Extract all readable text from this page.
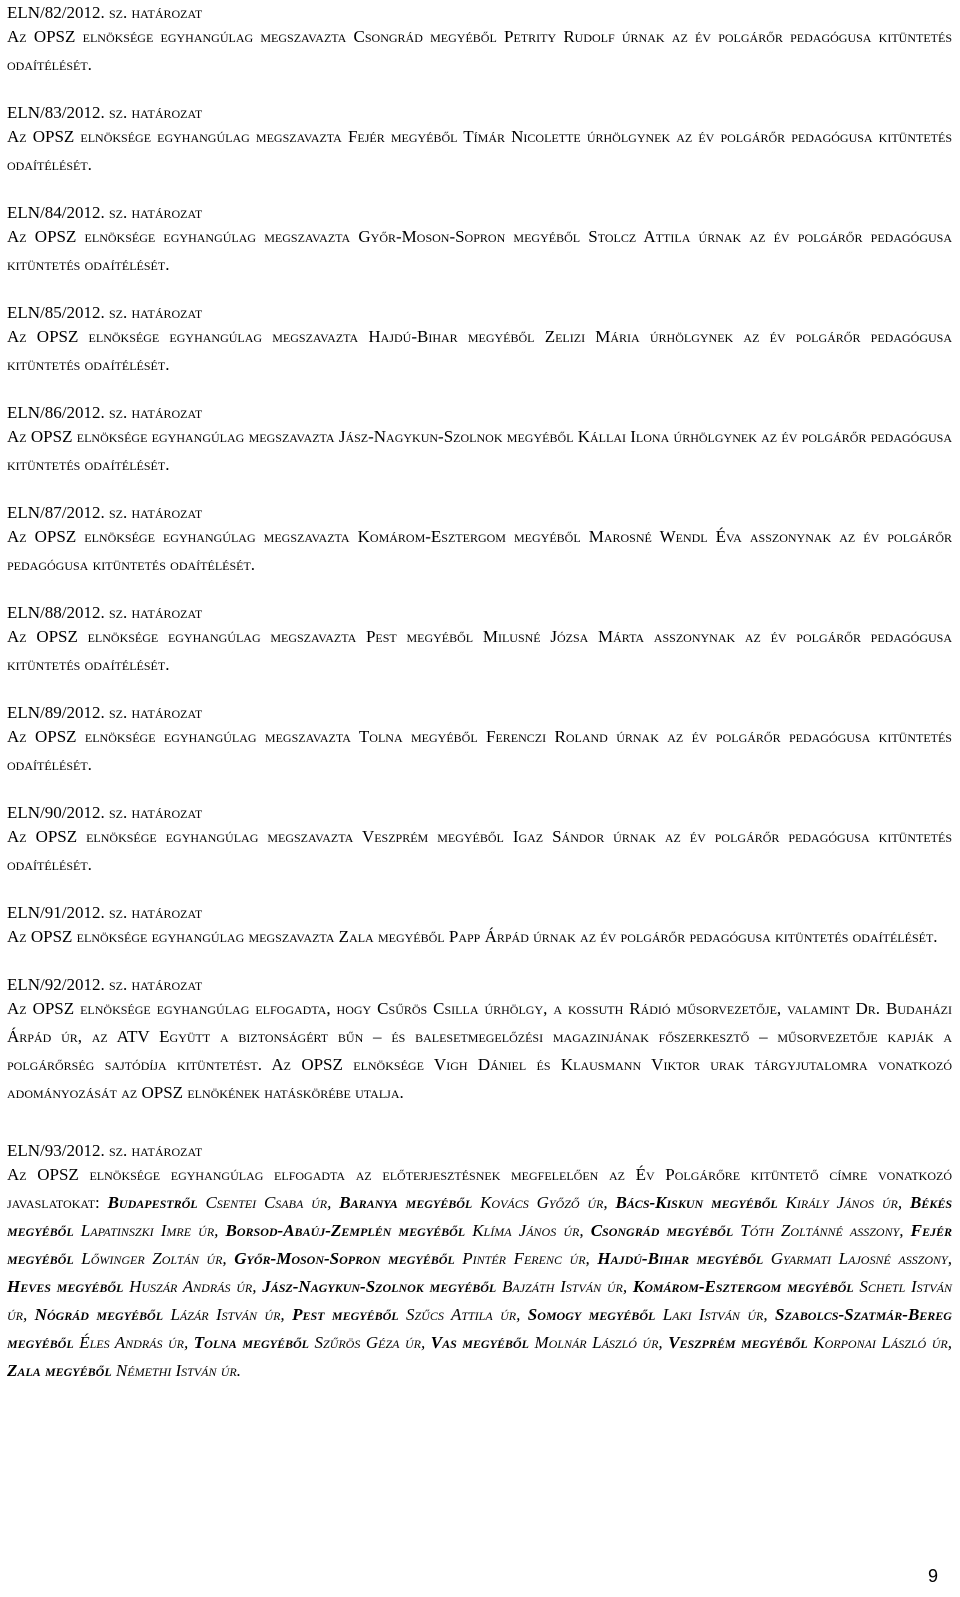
ELN/82/2012. sz. határozat

Az OPSZ elnöksége egyhangúlag megszavazta Csongrád megyéből Petrity Rudolf úrnak az év polgárőr pedagógusa kitüntetés odaítélését.

ELN/83/2012. sz. határozat

Az OPSZ elnöksége egyhangúlag megszavazta Fejér megyéből Tímár Nicolette úrhölgynek az év polgárőr pedagógusa kitüntetés odaítélését.

ELN/84/2012. sz. határozat

Az OPSZ elnöksége egyhangúlag megszavazta Győr-Moson-Sopron megyéből Stolcz Attila úrnak az év polgárőr pedagógusa kitüntetés odaítélését.

ELN/85/2012. sz. határozat

Az OPSZ elnöksége egyhangúlag megszavazta Hajdú-Bihar megyéből Zelizi Mária úrhölgynek az év polgárőr pedagógusa kitüntetés odaítélését.

ELN/86/2012. sz. határozat

Az OPSZ elnöksége egyhangúlag megszavazta Jász-Nagykun-Szolnok megyéből Kállai Ilona úrhölgynek az év polgárőr pedagógusa kitüntetés odaítélését.

ELN/87/2012. sz. határozat

Az OPSZ elnöksége egyhangúlag megszavazta Komárom-Esztergom megyéből Marosné Wendl Éva asszonynak az év polgárőr pedagógusa kitüntetés odaítélését.

ELN/88/2012. sz. határozat

Az OPSZ elnöksége egyhangúlag megszavazta Pest megyéből Milusné Józsa Márta asszonynak az év polgárőr pedagógusa kitüntetés odaítélését.

ELN/89/2012. sz. határozat

Az OPSZ elnöksége egyhangúlag megszavazta Tolna megyéből Ferenczi Roland úrnak az év polgárőr pedagógusa kitüntetés odaítélését.

ELN/90/2012. sz. határozat

Az OPSZ elnöksége egyhangúlag megszavazta Veszprém megyéből Igaz Sándor úrnak az év polgárőr pedagógusa kitüntetés odaítélését.

ELN/91/2012. sz. határozat

Az OPSZ elnöksége egyhangúlag megszavazta Zala megyéből Papp Árpád úrnak az év polgárőr pedagógusa kitüntetés odaítélését.

ELN/92/2012. sz. határozat

Az OPSZ elnöksége egyhangúlag elfogadta, hogy Csűrös Csilla úrhölgy, a kossuth Rádió műsorvezetője, valamint Dr. Budaházi Árpád úr, az ATV Együtt a biztonságért bűn – és balesetmegelőzési magazinjának főszerkesztő – műsorvezetője kapják a polgárőrség sajtódíja kitüntetést. Az OPSZ elnöksége Vigh Dániel és Klausmann Viktor urak tárgyjutalomra vonatkozó adományozását az OPSZ elnökének hatáskörébe utalja.

ELN/93/2012. sz. határozat

Az OPSZ elnöksége egyhangúlag elfogadta az előterjesztésnek megfelelően az Év Polgárőre kitüntető címre vonatkozó javaslatokat: Budapestről Csentei Csaba úr, Baranya megyéből Kovács Győző úr, Bács-Kiskun megyéből Király János úr, Békés megyéből Lapatinszki Imre úr, Borsod-Abaúj-Zemplén megyéből Klíma János úr, Csongrád megyéből Tóth Zoltánné asszony, Fejér megyéből Lőwinger Zoltán úr, Győr-Moson-Sopron megyéből Pintér Ferenc úr, Hajdú-Bihar megyéből Gyarmati Lajosné asszony, Heves megyéből Huszár András úr, Jász-Nagykun-Szolnok megyéből Bajzáth István úr, Komárom-Esztergom megyéből Schetl István úr, Nógrád megyéből Lázár István úr, Pest megyéből Szűcs Attila úr, Somogy megyéből Laki István úr, Szabolcs-Szatmár-Bereg megyéből Éles András úr, Tolna megyéből Szűrös Géza úr, Vas megyéből Molnár László úr, Veszprém megyéből Korponai László úr, Zala megyéből Némethi István úr.

9
